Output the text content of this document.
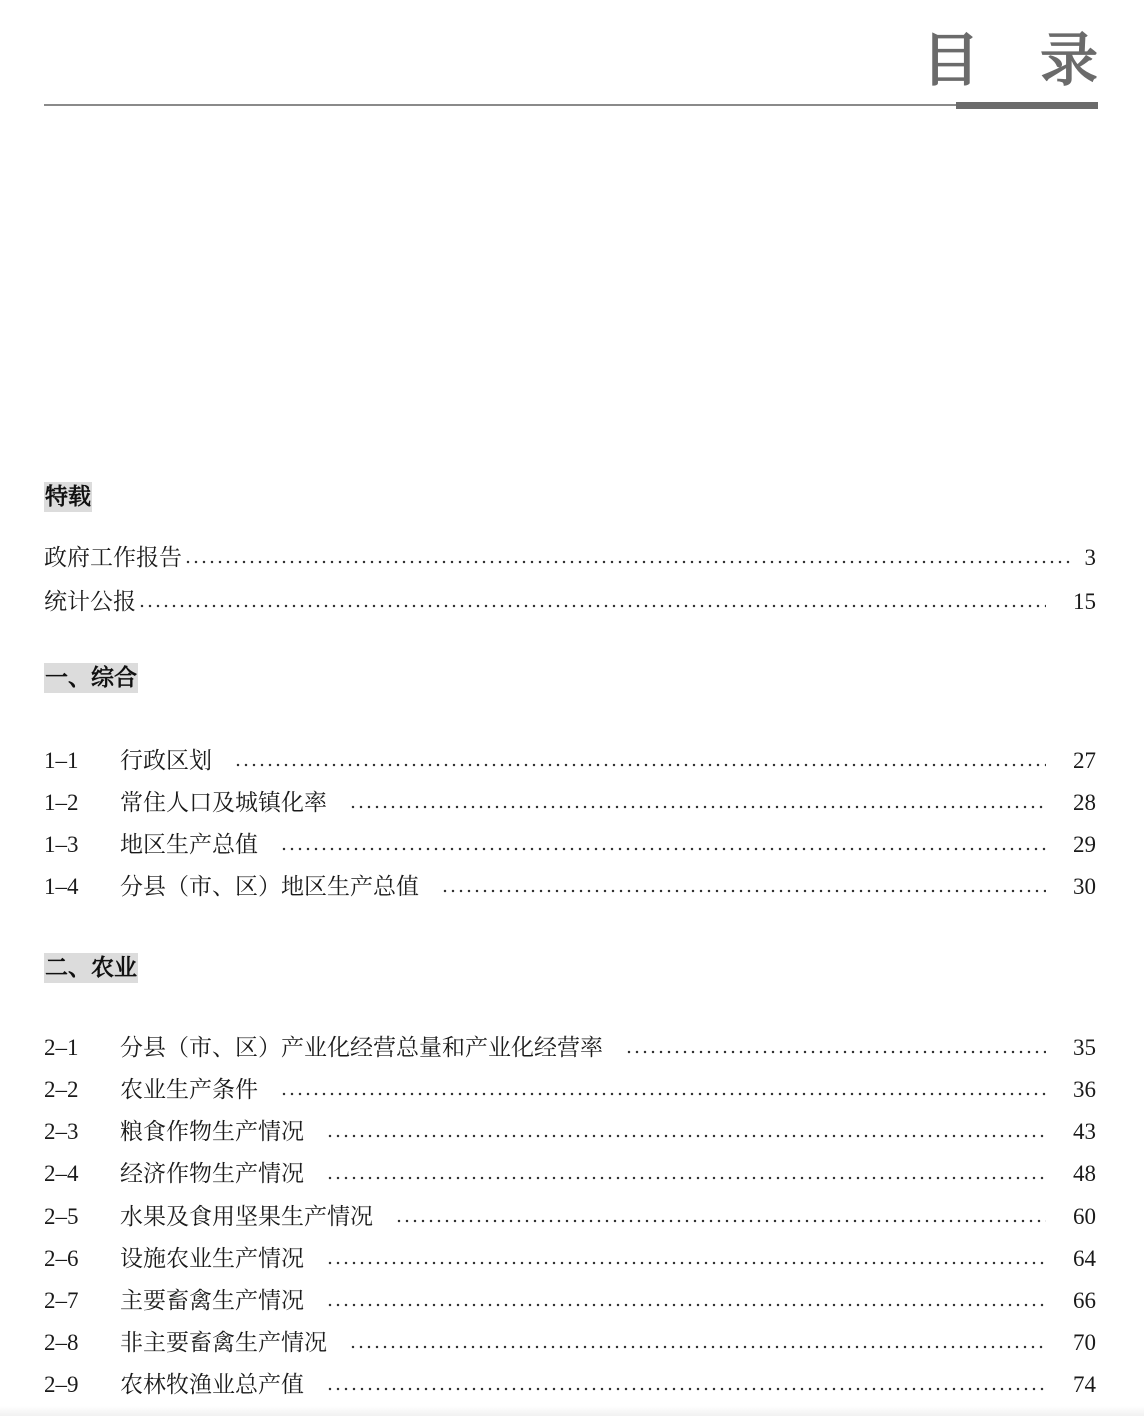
目 录
特载
政府工作报告	3
统计公报	15
一、综合
1–1	行政区划	27
1–2	常住人口及城镇化率	28
1–3	地区生产总值	29
1–4	分县（市、区）地区生产总值	30
二、农业
2–1	分县（市、区）产业化经营总量和产业化经营率	35
2–2	农业生产条件	36
2–3	粮食作物生产情况	43
2–4	经济作物生产情况	48
2–5	水果及食用坚果生产情况	60
2–6	设施农业生产情况	64
2–7	主要畜禽生产情况	66
2–8	非主要畜禽生产情况	70
2–9	农林牧渔业总产值	74
